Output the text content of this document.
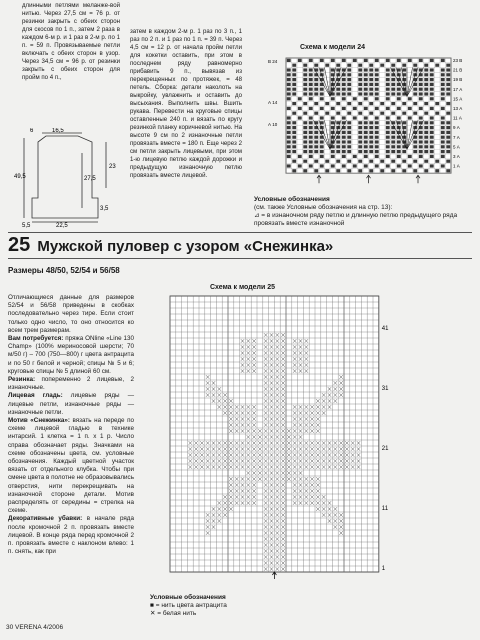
длинными петлями меланже-вой нитью. Через 27,5 см = 76 р. от резинки закрыть с обеих сторон для скосов по 1 п., затем 2 раза в каждом 6-м р. и 1 раз в 2-м р. по 1 п. = 59 п. Провязываемые петли включать с обеих сторон в узор. Через 34,5 см = 96 р. от резинки закрыть с обеих сторон для пройм по 4 п.,

затем в каждом 2-м р. 1 раз по 3 п., 1 раз по 2 п. и 1 раз по 1 п. = 39 п. Через 4,5 см = 12 р. от начала пройм петли для кокетки оставить, при этом в последнем ряду равномерно прибавить 9 п., вывязав из перекрещенных по протяжек, = 48 петель. Сборка: детали наколоть на выкройку, увлажнить и оставить до высыхания. Выполнить швы. Вшить рукава. Перевести на круговые спицы оставленные 240 п. и вязать по кругу резинкой планку коричневой нитью. На высоте 9 см по 2 изнаночные петли провязать вместе = 180 п. Еще через 2 см петли закрыть лицевыми, при этом 1-ю лицевую петлю каждой дорожки и предыдущую изнаночную петлю провязать вместе лицевой.

16,5
6
23
49,5	27,5
3,5
22,5
5,5
Схема к модели 24
В 24
А 14
А 10
23 В
21 В
19 В
17 А
15 А
13 А
11 А
9 А
7 А
5 А
3 А
1 А
Условные обозначения
(см. также Условные обозначения на стр. 13):
⊿ = в изнаночном ряду петлю и длинную петлю предыдущего ряда провязать вместе изнаночной
25 Мужской пуловер с узором «Снежинка»
Размеры 48/50, 52/54 и 56/58

Отличающиеся данные для размеров 52/54 и 56/58 приведены в скобках последовательно через тире. Если стоит только одно число, то оно относится ко всем трем размерам.

Вам потребуется: пряжа ONline «Line 130 Champ» (100% мериносовой шерсти; 70 м/50 г) – 700 (750—800) г цвета антрацита и по 50 г белой и черной; спицы № 5 и 6; круговые спицы № 5 длиной 60 см.

Резинка: попеременно 2 лицевые, 2 изнаночные.

Лицевая гладь: лицевые ряды — лицевые петли, изнаночные ряды — изнаночные петли.

Мотив «Снежинка»: вязать на переде по схеме лицевой гладью в технике интарсий. 1 клетка = 1 п. х 1 р. Число справа обозначает ряды. Значками на схеме обозначены цвета, см. условные обозначения. Каждый цветной участок вязать от отдельного клубка. Чтобы при смене цвета в полотне не образовывались отверстия, нити перекрещивать на изнаночной стороне детали. Мотив распределять от середины = стрелка на схеме.

Декоративные убавки: в начале ряда после кромочной 2 п. провязать вместе лицевой. В конце ряда перед кромочной 2 п. провязать вместе с наклоном влево: 1 п. снять, как при

Схема к модели 25
41
31
21
11
1
Условные обозначения
■ = нить цвета антрацита
✕ = белая нить
30 VERENA 4/2006
